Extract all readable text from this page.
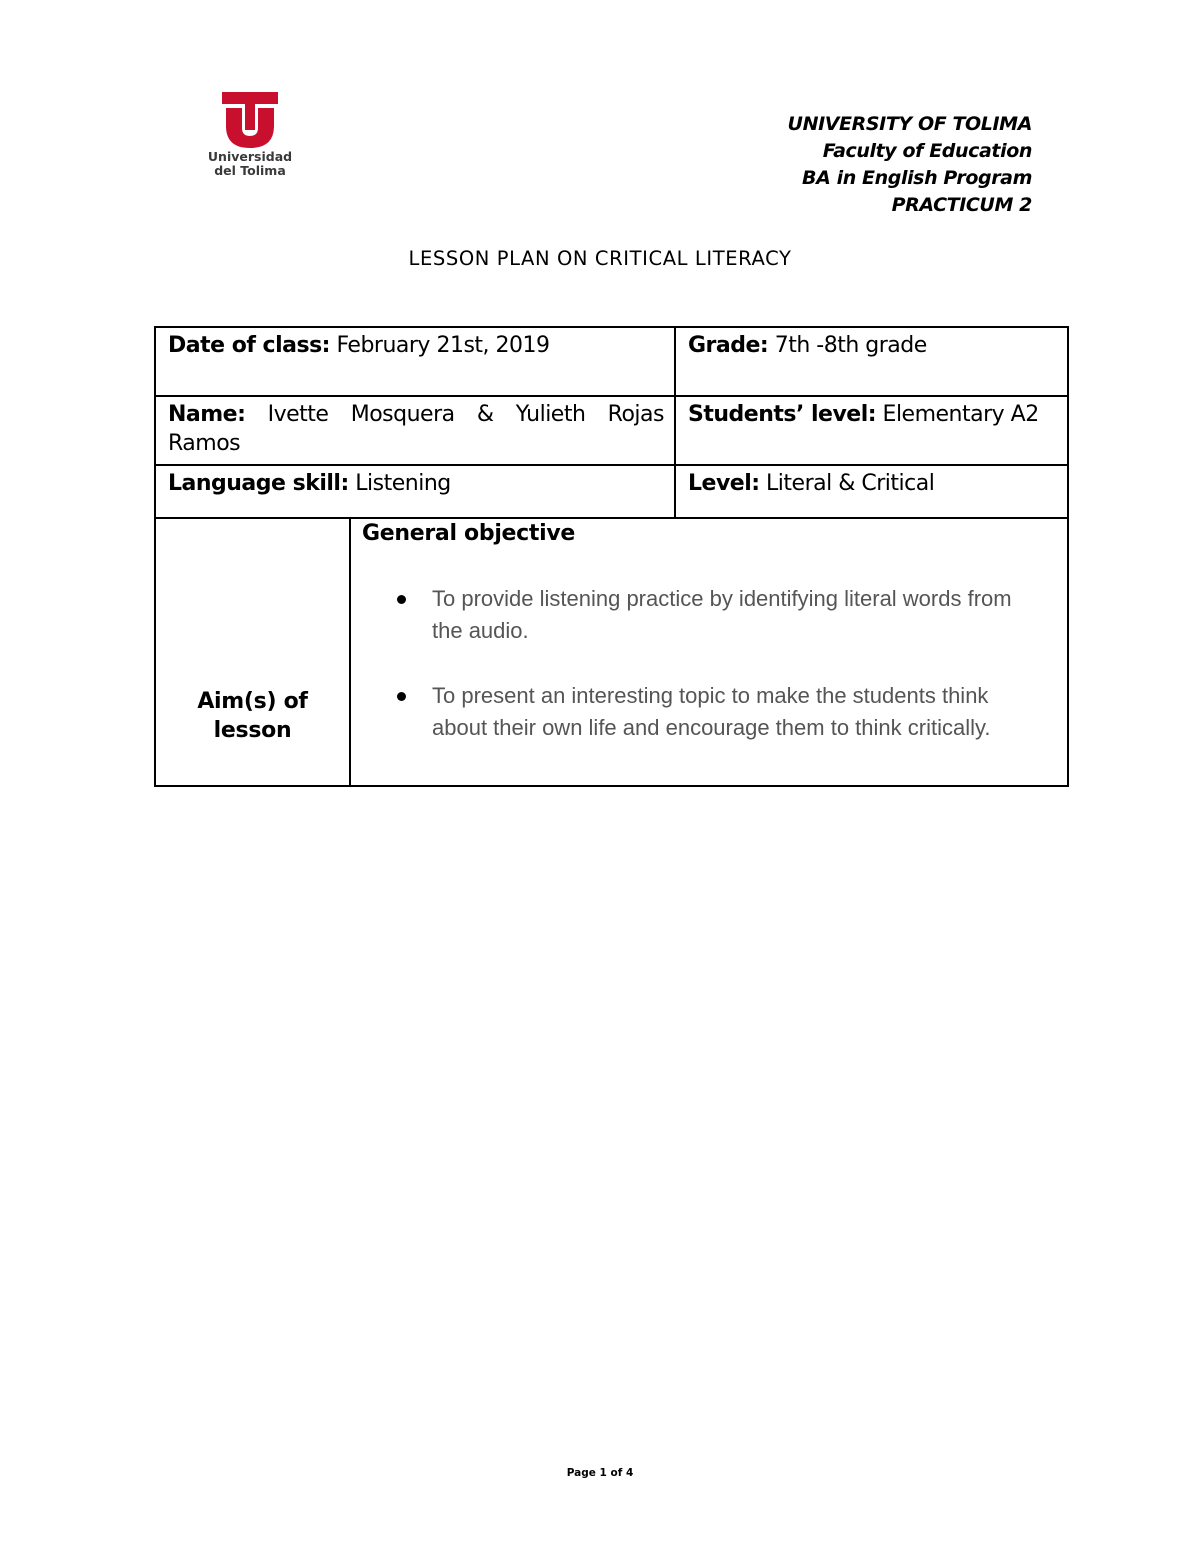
Universidad
del Tolima
UNIVERSITY OF TOLIMA
Faculty of Education
BA in English Program
PRACTICUM 2
LESSON PLAN ON CRITICAL LITERACY
Date of class: February 21st, 2019	Grade: 7th -8th grade
Name: Ivette Mosquera & Yulieth Rojas
Ramos
Students’ level: Elementary A2
Language skill: Listening	Level: Literal & Critical
Aim(s) of
lesson
General objective
To provide listening practice by identifying literal words from
the audio.
To present an interesting topic to make the students think
about their own life and encourage them to think critically.
Page 1 of 4
